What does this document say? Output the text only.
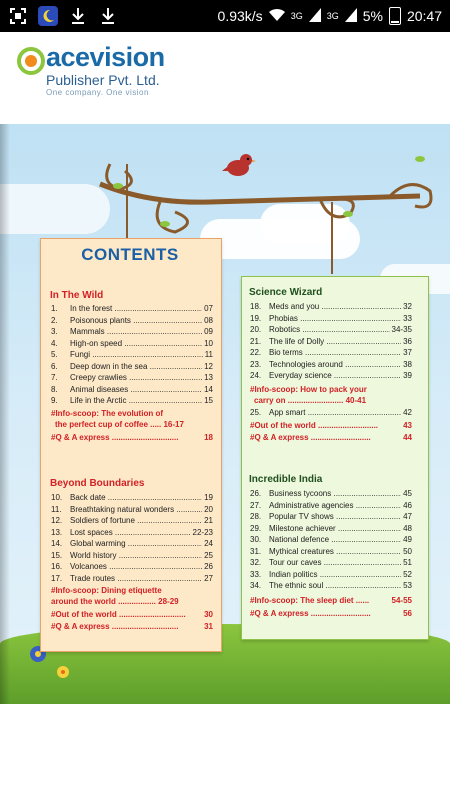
0.93k/s	3G	3G 5% 20:47
acevision
Publisher Pvt. Ltd.
One company. One vision
CONTENTS
In The Wild
1.	In the forest .....	07
2.	Poisonous plants .....	08
3.	Mammals .....	09
4.	High-on speed .....	10
5.	Fungi .....	11
6.	Deep down in the sea .....	12
7.	Creepy crawlies .....	13
8.	Animal diseases .....	14
9.	Life in the Arctic .....	15
#Info-scoop: The evolution of
the perfect cup of coffee ..... 16-17
#Q & A express ..............................	18
Beyond Boundaries
10. Back date .....	19
11.	Breathtaking natural wonders .....	20
12. Soldiers of fortune .....	21
13. Lost spaces .....	22-23
14. Global warming .....	24
15. World history .....	25
16. Volcanoes .....	26
17. Trade routes .....	27
#Info-scoop: Dining etiquette
around the world ................. 28-29
#Out of the world .............................. 30
#Q & A express ..............................	31
Science Wizard
18. Meds and you .....	32
19. Phobias .....	33
20. Robotics .....	34-35
21. The life of Dolly .....	36
22. Bio terms .....	37
23. Technologies around .....	38
24. Everyday science .....	39
#Info-scoop: How to pack your
carry on ......................... 40-41
25. App smart .....	42
#Out of the world ...........................	43
#Q & A express ...........................	44
Incredible India
26. Business tycoons .....	45
27. Administrative agencies .....	46
28. Popular TV shows .....	47
29. Milestone achiever .....	48
30. National defence .....	49
31. Mythical creatures .....	50
32. Tour our caves .....	51
33. Indian politics .....	52
34. The ethnic soul .....	53
#Info-scoop: The sleep diet ......	54-55
#Q & A express ...........................	56
